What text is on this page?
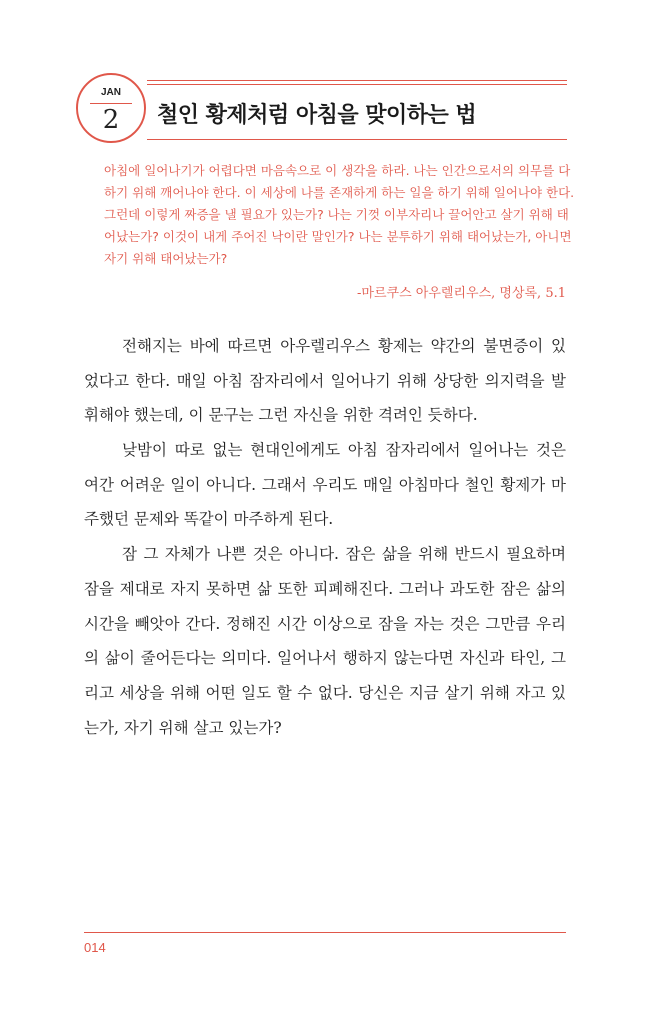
JAN
2	철인 황제처럼 아침을 맞이하는 법
아침에 일어나기가 어렵다면 마음속으로 이 생각을 하라. 나는 인간으로서의 의무를 다
하기 위해 깨어나야 한다. 이 세상에 나를 존재하게 하는 일을 하기 위해 일어나야 한다.
그런데 이렇게 짜증을 낼 필요가 있는가? 나는 기껏 이부자리나 끌어안고 살기 위해 태
어났는가? 이것이 내게 주어진 낙이란 말인가? 나는 분투하기 위해 태어났는가, 아니면
자기 위해 태어났는가?
-마르쿠스 아우렐리우스, 명상록, 5.1
전해지는 바에 따르면 아우렐리우스 황제는 약간의 불면증이 있
었다고 한다. 매일 아침 잠자리에서 일어나기 위해 상당한 의지력을 발
휘해야 했는데, 이 문구는 그런 자신을 위한 격려인 듯하다.
낮밤이 따로 없는 현대인에게도 아침 잠자리에서 일어나는 것은
여간 어려운 일이 아니다. 그래서 우리도 매일 아침마다 철인 황제가 마
주했던 문제와 똑같이 마주하게 된다.
잠 그 자체가 나쁜 것은 아니다. 잠은 삶을 위해 반드시 필요하며
잠을 제대로 자지 못하면 삶 또한 피폐해진다. 그러나 과도한 잠은 삶의
시간을 빼앗아 간다. 정해진 시간 이상으로 잠을 자는 것은 그만큼 우리
의 삶이 줄어든다는 의미다. 일어나서 행하지 않는다면 자신과 타인, 그
리고 세상을 위해 어떤 일도 할 수 없다. 당신은 지금 살기 위해 자고 있
는가, 자기 위해 살고 있는가?
014
